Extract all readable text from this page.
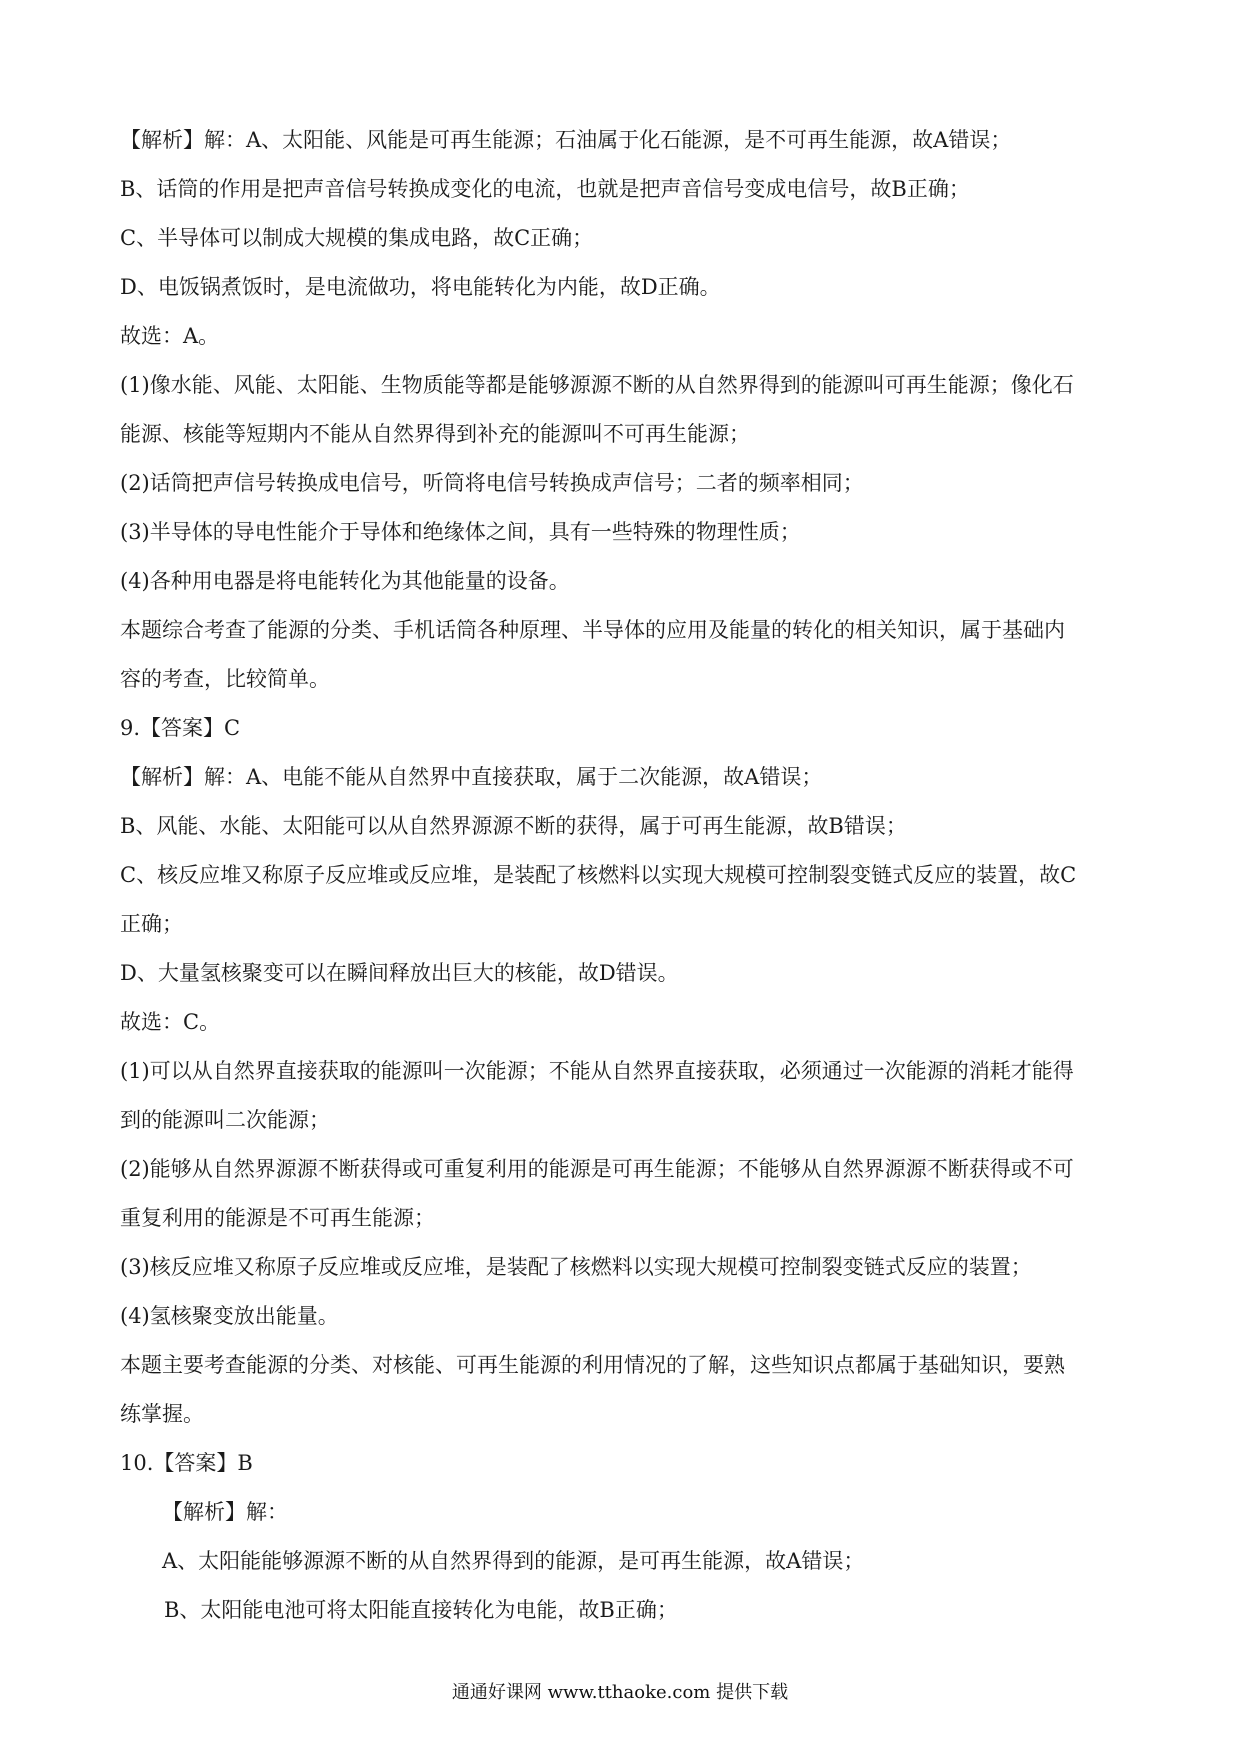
【解析】解：A、太阳能、风能是可再生能源；石油属于化石能源，是不可再生能源，故A错误；
B、话筒的作用是把声音信号转换成变化的电流，也就是把声音信号变成电信号，故B正确；
C、半导体可以制成大规模的集成电路，故C正确；
D、电饭锅煮饭时，是电流做功，将电能转化为内能，故D正确。
故选：A。
(1)像水能、风能、太阳能、生物质能等都是能够源源不断的从自然界得到的能源叫可再生能源；像化石
能源、核能等短期内不能从自然界得到补充的能源叫不可再生能源；
(2)话筒把声信号转换成电信号，听筒将电信号转换成声信号；二者的频率相同；
(3)半导体的导电性能介于导体和绝缘体之间，具有一些特殊的物理性质；
(4)各种用电器是将电能转化为其他能量的设备。
本题综合考查了能源的分类、手机话筒各种原理、半导体的应用及能量的转化的相关知识，属于基础内
容的考查，比较简单。
9.【答案】C
【解析】解：A、电能不能从自然界中直接获取，属于二次能源，故A错误；
B、风能、水能、太阳能可以从自然界源源不断的获得，属于可再生能源，故B错误；
C、核反应堆又称原子反应堆或反应堆，是装配了核燃料以实现大规模可控制裂变链式反应的装置，故C
正确；
D、大量氢核聚变可以在瞬间释放出巨大的核能，故D错误。
故选：C。
(1)可以从自然界直接获取的能源叫一次能源；不能从自然界直接获取，必须通过一次能源的消耗才能得
到的能源叫二次能源；
(2)能够从自然界源源不断获得或可重复利用的能源是可再生能源；不能够从自然界源源不断获得或不可
重复利用的能源是不可再生能源；
(3)核反应堆又称原子反应堆或反应堆，是装配了核燃料以实现大规模可控制裂变链式反应的装置；
(4)氢核聚变放出能量。
本题主要考查能源的分类、对核能、可再生能源的利用情况的了解，这些知识点都属于基础知识，要熟
练掌握。
10.【答案】B
【解析】解：
A、太阳能能够源源不断的从自然界得到的能源，是可再生能源，故A错误；
B、太阳能电池可将太阳能直接转化为电能，故B正确；
通通好课网 www.tthaoke.com 提供下载
